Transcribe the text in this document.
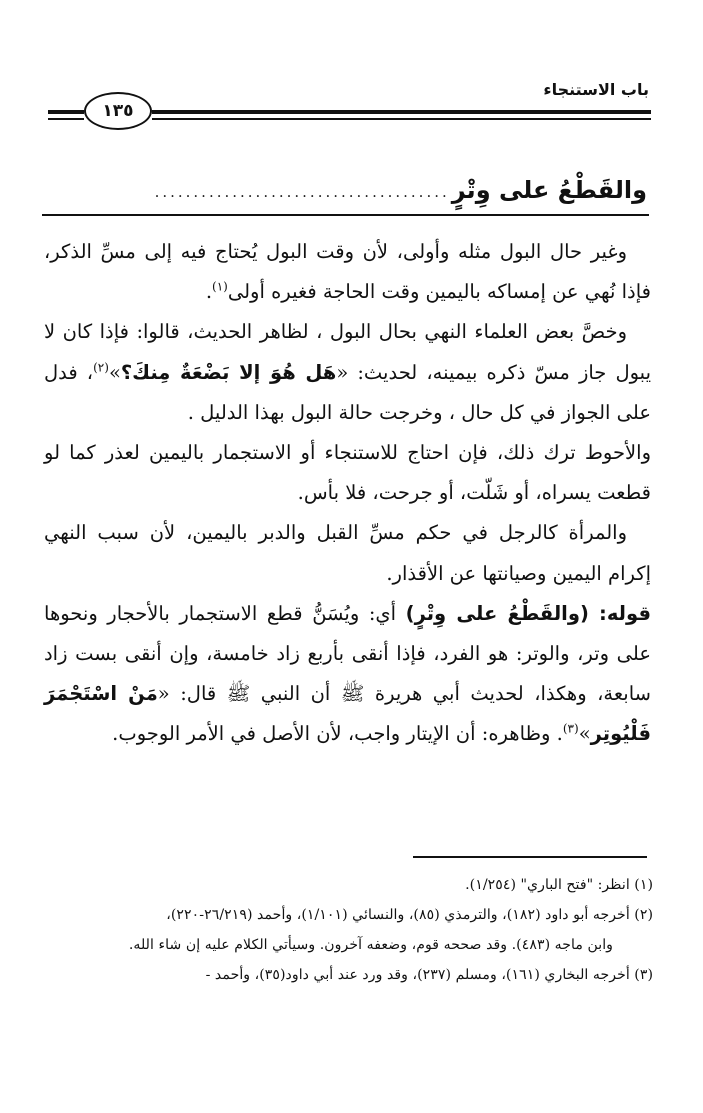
باب الاستنجاء
١٣٥
والقَطْعُ على وِتْرٍ
......................................

وغير حال البول مثله وأولى، لأن وقت البول يُحتاج فيه إلى مسِّ الذكر، فإذا نُهي عن إمساكه باليمين وقت الحاجة فغيره أولى$^{(١)}$.

وخصَّ بعض العلماء النهي بحال البول ، لظاهر الحديث، قالوا: فإذا كان لا يبول جاز مسّ ذكره بيمينه، لحديث: «هَل هُوَ إلا بَضْعَةٌ مِنكَ؟»$^{(٢)}$، فدل على الجواز في كل حال ، وخرجت حالة البول بهذا الدليل .

والأحوط ترك ذلك، فإن احتاج للاستنجاء أو الاستجمار باليمين لعذر كما لو قطعت يسراه، أو شَلّت، أو جرحت، فلا بأس.

والمرأة كالرجل في حكم مسِّ القبل والدبر باليمين، لأن سبب النهي إكرام اليمين وصيانتها عن الأقذار.

قوله: (والقَطْعُ على وِتْرٍ) أي: ويُسَنُّ قطع الاستجمار بالأحجار ونحوها على وتر، والوتر: هو الفرد، فإذا أنقى بأربع زاد خامسة، وإن أنقى بست زاد سابعة، وهكذا، لحديث أبي هريرة ﷺ أن النبي ﷺ قال: «مَنْ اسْتَجْمَرَ فَلْيُوتِر»$^{(٣)}$. وظاهره: أن الإيتار واجب، لأن الأصل في الأمر الوجوب.

(١) انظر: "فتح الباري" (١/٢٥٤).
(٢) أخرجه أبو داود (١٨٢)، والترمذي (٨٥)، والنسائي (١/١٠١)، وأحمد (٢٦/٢١٩-٢٢٠)،
وابن ماجه (٤٨٣). وقد صححه قوم، وضعفه آخرون. وسيأتي الكلام عليه إن شاء الله.
(٣) أخرجه البخاري (١٦١)، ومسلم (٢٣٧)، وقد ورد عند أبي داود(٣٥)، وأحمد -
